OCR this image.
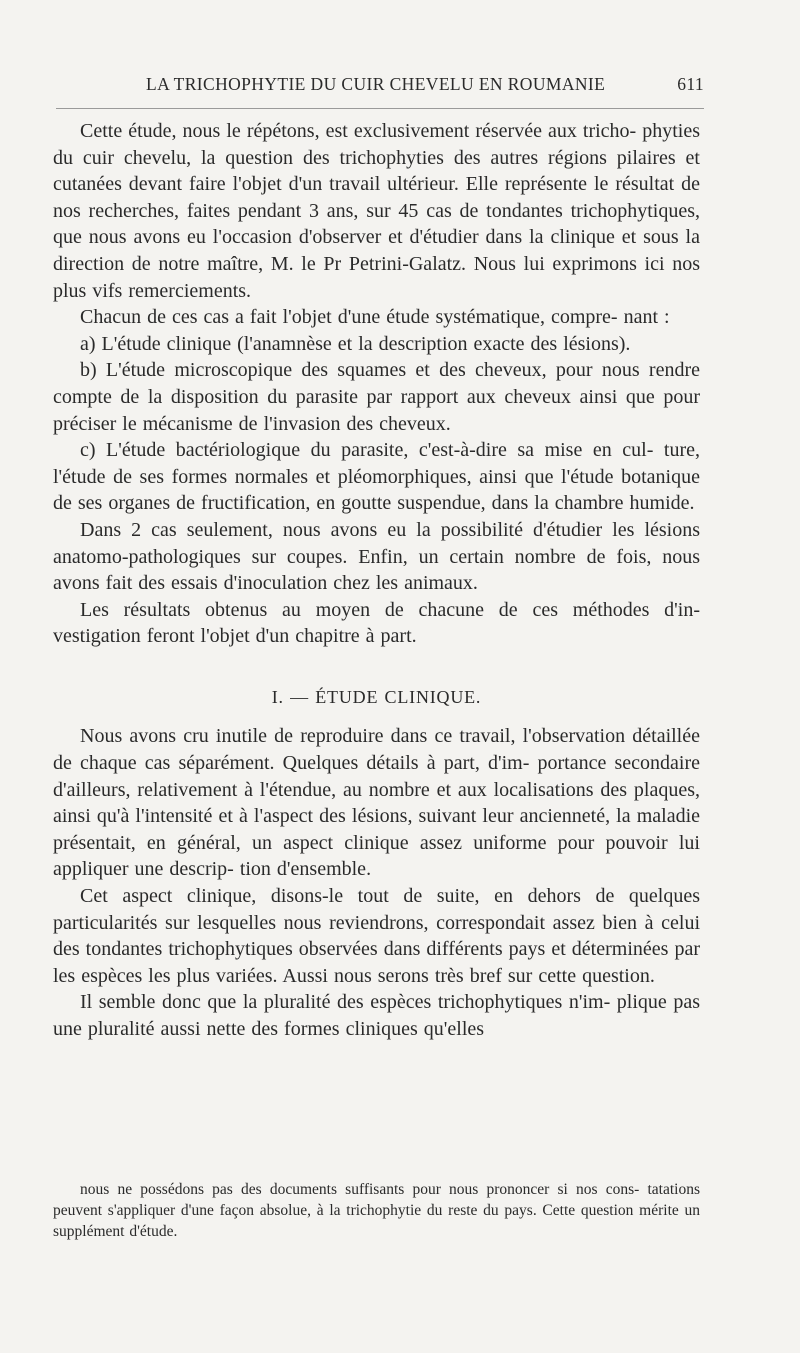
LA TRICHOPHYTIE DU CUIR CHEVELU EN ROUMANIE	611

Cette étude, nous le répétons, est exclusivement réservée aux tricho- phyties du cuir chevelu, la question des trichophyties des autres régions pilaires et cutanées devant faire l'objet d'un travail ultérieur. Elle représente le résultat de nos recherches, faites pendant 3 ans, sur 45 cas de tondantes trichophytiques, que nous avons eu l'occasion d'observer et d'étudier dans la clinique et sous la direction de notre maître, M. le Pr Petrini-Galatz. Nous lui exprimons ici nos plus vifs remerciements.

Chacun de ces cas a fait l'objet d'une étude systématique, compre- nant :

a) L'étude clinique (l'anamnèse et la description exacte des lésions).

b) L'étude microscopique des squames et des cheveux, pour nous rendre compte de la disposition du parasite par rapport aux cheveux ainsi que pour préciser le mécanisme de l'invasion des cheveux.

c) L'étude bactériologique du parasite, c'est-à-dire sa mise en cul- ture, l'étude de ses formes normales et pléomorphiques, ainsi que l'étude botanique de ses organes de fructification, en goutte suspendue, dans la chambre humide.

Dans 2 cas seulement, nous avons eu la possibilité d'étudier les lésions anatomo-pathologiques sur coupes. Enfin, un certain nombre de fois, nous avons fait des essais d'inoculation chez les animaux.

Les résultats obtenus au moyen de chacune de ces méthodes d'in- vestigation feront l'objet d'un chapitre à part.

I. — ÉTUDE CLINIQUE.

Nous avons cru inutile de reproduire dans ce travail, l'observation détaillée de chaque cas séparément. Quelques détails à part, d'im- portance secondaire d'ailleurs, relativement à l'étendue, au nombre et aux localisations des plaques, ainsi qu'à l'intensité et à l'aspect des lésions, suivant leur ancienneté, la maladie présentait, en général, un aspect clinique assez uniforme pour pouvoir lui appliquer une descrip- tion d'ensemble.

Cet aspect clinique, disons-le tout de suite, en dehors de quelques particularités sur lesquelles nous reviendrons, correspondait assez bien à celui des tondantes trichophytiques observées dans différents pays et déterminées par les espèces les plus variées. Aussi nous serons très bref sur cette question.

Il semble donc que la pluralité des espèces trichophytiques n'im- plique pas une pluralité aussi nette des formes cliniques qu'elles

nous ne possédons pas des documents suffisants pour nous prononcer si nos cons- tatations peuvent s'appliquer d'une façon absolue, à la trichophytie du reste du pays. Cette question mérite un supplément d'étude.
